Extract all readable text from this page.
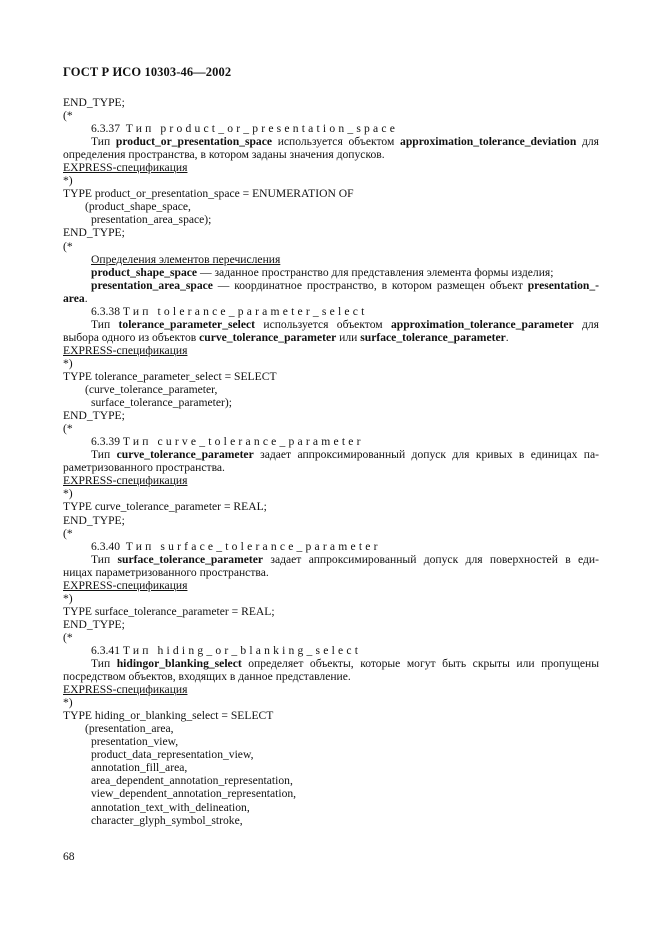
ГОСТ Р ИСО 10303-46—2002
END_TYPE;
(*
6.3.37 Тип product_or_presentation_space
Тип product_or_presentation_space используется объектом approximation_tolerance_deviation для
определения пространства, в котором заданы значения допусков.
EXPRESS-спецификация
*)
TYPE product_or_presentation_space = ENUMERATION OF
(product_shape_space,
presentation_area_space);
END_TYPE;
(*
Определения элементов перечисления
product_shape_space — заданное пространство для представления элемента формы изделия;
presentation_area_space — координатное пространство, в котором размещен объект presentation_-
area.
6.3.38 Тип tolerance_parameter_select
Тип tolerance_parameter_select используется объектом approximation_tolerance_parameter для
выбора одного из объектов curve_tolerance_parameter или surface_tolerance_parameter.
EXPRESS-спецификация
*)
TYPE tolerance_parameter_select = SELECT
(curve_tolerance_parameter,
surface_tolerance_parameter);
END_TYPE;
(*
6.3.39 Тип curve_tolerance_parameter
Тип curve_tolerance_parameter задает аппроксимированный допуск для кривых в единицах па-
раметризованного пространства.
EXPRESS-спецификация
*)
TYPE curve_tolerance_parameter = REAL;
END_TYPE;
(*
6.3.40 Тип surface_tolerance_parameter
Тип surface_tolerance_parameter задает аппроксимированный допуск для поверхностей в еди-
ницах параметризованного пространства.
EXPRESS-спецификация
*)
TYPE surface_tolerance_parameter = REAL;
END_TYPE;
(*
6.3.41 Тип hiding_or_blanking_select
Тип hidingor_blanking_select определяет объекты, которые могут быть скрыты или пропущены
посредством объектов, входящих в данное представление.
EXPRESS-спецификация
*)
TYPE hiding_or_blanking_select = SELECT
(presentation_area,
presentation_view,
product_data_representation_view,
annotation_fill_area,
area_dependent_annotation_representation,
view_dependent_annotation_representation,
annotation_text_with_delineation,
character_glyph_symbol_stroke,
68
